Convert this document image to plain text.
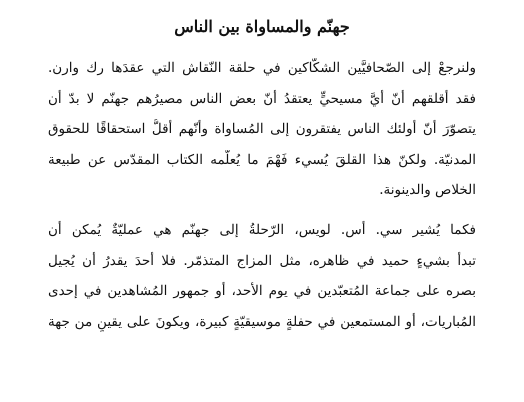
جهنّم والمساواة بين الناس
ولنرجعْ إلى الصّحافيَّين الشكّاكين في حلقة النّقاش التي عقدَها رك وارن.
فقد أقلقهم أنّ أيَّ مسيحيٍّ يعتقدُ أنّ بعض الناس مصيرُهم جهنّم لا بدّ أن
يتصوّرَ أنّ أولئك الناس يفتقرون إلى المُساواة وأنّهم أقلُّ استحقاقًا للحقوق
المدنيّة. ولكنّ هذا القلقَ يُسيء فَهْمَ ما يُعلّمه الكتاب المقدّس عن طبيعة
الخلاص والدينونة.
فكما يُشير سي. أس. لويس، الرّحلةُ إلى جهنّم هي عمليّةٌ يُمكن أن
تبدأ بشيءٍ حميد في ظاهره، مثل المزاج المتذمّر. فلا أحدَ يقدرُ أن يُجيل
بصره على جماعة المُتعبّدين في يوم الأحد، أو جمهور المُشاهدين في إحدى
المُباريات، أو المستمعين في حفلةٍ موسيقيّةٍ كبيرة، ويكونَ على يقينٍ من جهة
